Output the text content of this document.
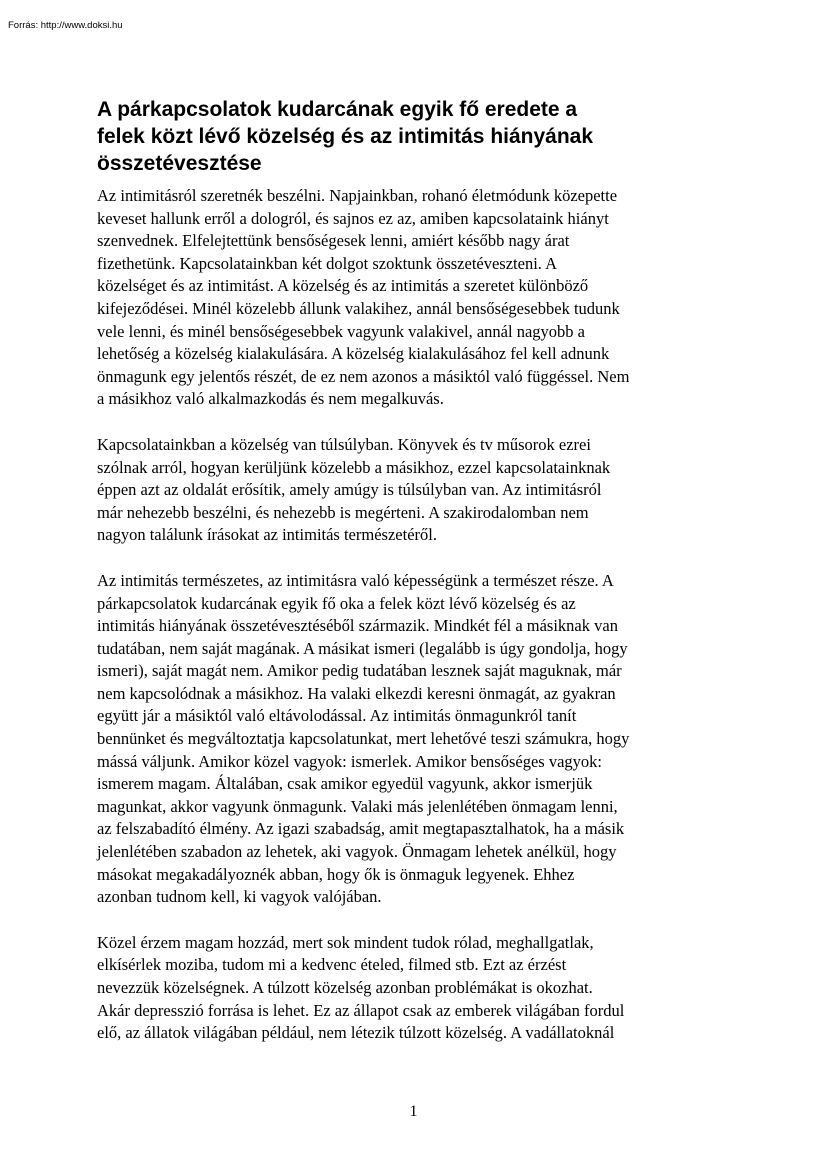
Forrás: http://www.doksi.hu
A párkapcsolatok kudarcának egyik fő eredete a
felek közt lévő közelség és az intimitás hiányának
összetévesztése

Az intimitásról szeretnék beszélni. Napjainkban, rohanó életmódunk közepette
keveset hallunk erről a dologról, és sajnos ez az, amiben kapcsolataink hiányt
szenvednek. Elfelejtettünk bensőségesek lenni, amiért később nagy árat
fizethetünk. Kapcsolatainkban két dolgot szoktunk összetéveszteni. A
közelséget és az intimitást. A közelség és az intimitás a szeretet különböző
kifejeződései. Minél közelebb állunk valakihez, annál bensőségesebbek tudunk
vele lenni, és minél bensőségesebbek vagyunk valakivel, annál nagyobb a
lehetőség a közelség kialakulására. A közelség kialakulásához fel kell adnunk
önmagunk egy jelentős részét, de ez nem azonos a másiktól való függéssel. Nem
a másikhoz való alkalmazkodás és nem megalkuvás.

Kapcsolatainkban a közelség van túlsúlyban. Könyvek és tv műsorok ezrei
szólnak arról, hogyan kerüljünk közelebb a másikhoz, ezzel kapcsolatainknak
éppen azt az oldalát erősítik, amely amúgy is túlsúlyban van. Az intimitásról
már nehezebb beszélni, és nehezebb is megérteni. A szakirodalomban nem
nagyon találunk írásokat az intimitás természetéről.

Az intimitás természetes, az intimitásra való képességünk a természet része. A
párkapcsolatok kudarcának egyik fő oka a felek közt lévő közelség és az
intimitás hiányának összetévesztéséből származik. Mindkét fél a másiknak van
tudatában, nem saját magának. A másikat ismeri (legalább is úgy gondolja, hogy
ismeri), saját magát nem. Amikor pedig tudatában lesznek saját maguknak, már
nem kapcsolódnak a másikhoz. Ha valaki elkezdi keresni önmagát, az gyakran
együtt jár a másiktól való eltávolodással. Az intimitás önmagunkról tanít
bennünket és megváltoztatja kapcsolatunkat, mert lehetővé teszi számukra, hogy
mássá váljunk. Amikor közel vagyok: ismerlek. Amikor bensőséges vagyok:
ismerem magam. Általában, csak amikor egyedül vagyunk, akkor ismerjük
magunkat, akkor vagyunk önmagunk. Valaki más jelenlétében önmagam lenni,
az felszabadító élmény. Az igazi szabadság, amit megtapasztalhatok, ha a másik
jelenlétében szabadon az lehetek, aki vagyok. Önmagam lehetek anélkül, hogy
másokat megakadályoznék abban, hogy ők is önmaguk legyenek. Ehhez
azonban tudnom kell, ki vagyok valójában.

Közel érzem magam hozzád, mert sok mindent tudok rólad, meghallgatlak,
elkísérlek moziba, tudom mi a kedvenc ételed, filmed stb. Ezt az érzést
nevezzük közelségnek. A túlzott közelség azonban problémákat is okozhat.
Akár depresszió forrása is lehet. Ez az állapot csak az emberek világában fordul
elő, az állatok világában például, nem létezik túlzott közelség. A vadállatoknál

1
